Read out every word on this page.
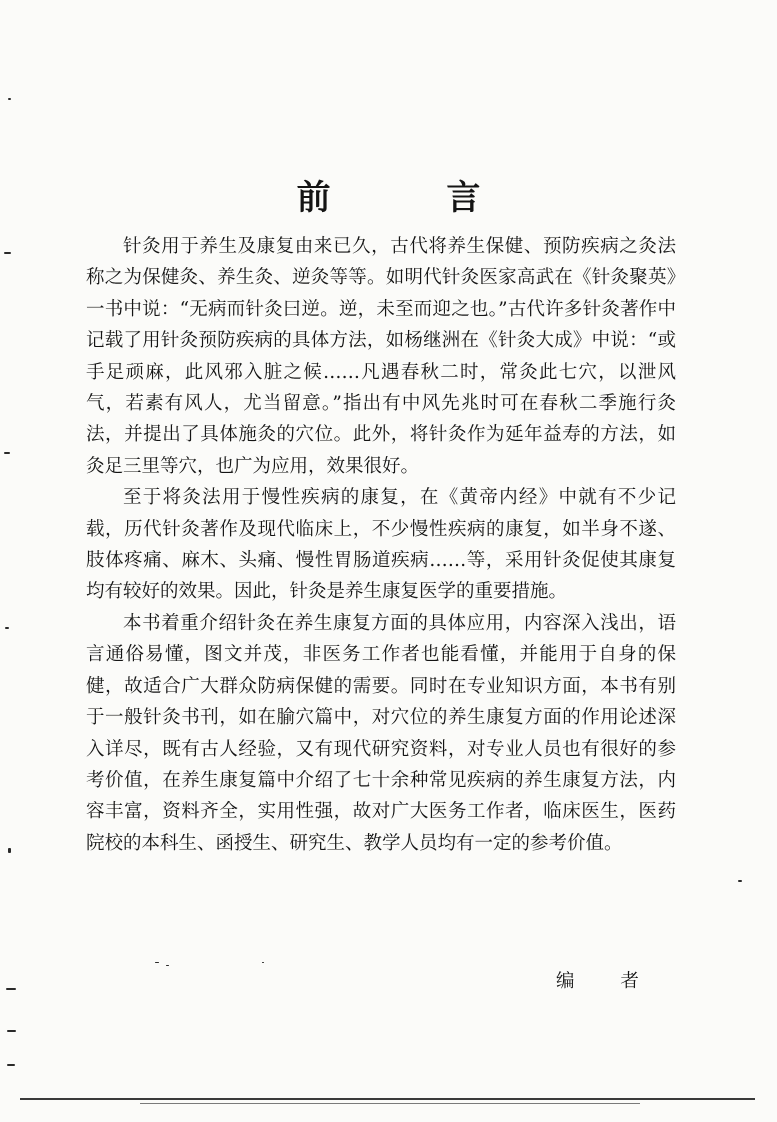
前 言

针灸用于养生及康复由来已久，古代将养生保健、预防疾病之灸法称之为保健灸、养生灸、逆灸等等。如明代针灸医家高武在《针灸聚英》一书中说：“无病而针灸曰逆。逆，未至而迎之也。”古代许多针灸著作中记载了用针灸预防疾病的具体方法，如杨继洲在《针灸大成》中说：“或手足顽麻，此风邪入脏之候……凡遇春秋二时，常灸此七穴，以泄风气，若素有风人，尤当留意。”指出有中风先兆时可在春秋二季施行灸法，并提出了具体施灸的穴位。此外，将针灸作为延年益寿的方法，如灸足三里等穴，也广为应用，效果很好。

至于将灸法用于慢性疾病的康复，在《黄帝内经》中就有不少记载，历代针灸著作及现代临床上，不少慢性疾病的康复，如半身不遂、肢体疼痛、麻木、头痛、慢性胃肠道疾病……等，采用针灸促使其康复均有较好的效果。因此，针灸是养生康复医学的重要措施。

本书着重介绍针灸在养生康复方面的具体应用，内容深入浅出，语言通俗易懂，图文并茂，非医务工作者也能看懂，并能用于自身的保健，故适合广大群众防病保健的需要。同时在专业知识方面，本书有别于一般针灸书刊，如在腧穴篇中，对穴位的养生康复方面的作用论述深入详尽，既有古人经验，又有现代研究资料，对专业人员也有很好的参考价值，在养生康复篇中介绍了七十余种常见疾病的养生康复方法，内容丰富，资料齐全，实用性强，故对广大医务工作者，临床医生，医药院校的本科生、函授生、研究生、教学人员均有一定的参考价值。

编 者
